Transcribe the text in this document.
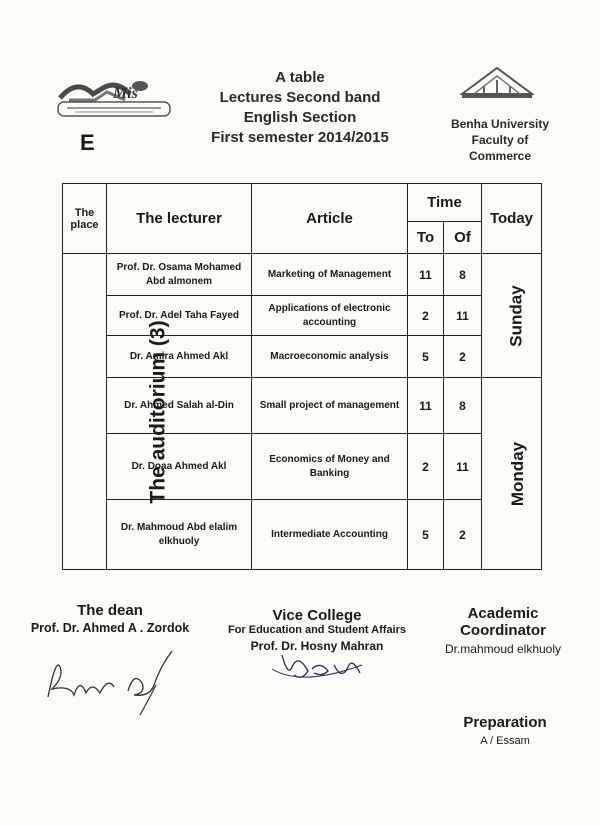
Mis
A table
Lectures Second band
English Section
First semester 2014/2015
E
Benha University
Faculty of
Commerce
The place	The lecturer	Article	Time		Today
			To	Of	
The auditorium (3)	Prof. Dr. Osama Mohamed Abd almonem	Marketing of Management	11	8	Sunday
	Prof. Dr. Adel Taha Fayed	Applications of electronic accounting	2	11	
	Dr. Amira Ahmed Akl	Macroeconomic analysis	5	2	
	Dr. Ahmed Salah al-Din	Small project of management	11	8	Monday
	Dr. Doaa Ahmed Akl	Economics of Money and Banking	2	11	
	Dr. Mahmoud Abd elalim elkhuoly	Intermediate Accounting	5	2	
The dean
Prof. Dr. Ahmed A . Zordok
Vice College
For Education and Student Affairs
Prof. Dr. Hosny Mahran
Academic Coordinator
Dr.mahmoud elkhuoly
Preparation
A / Essam
